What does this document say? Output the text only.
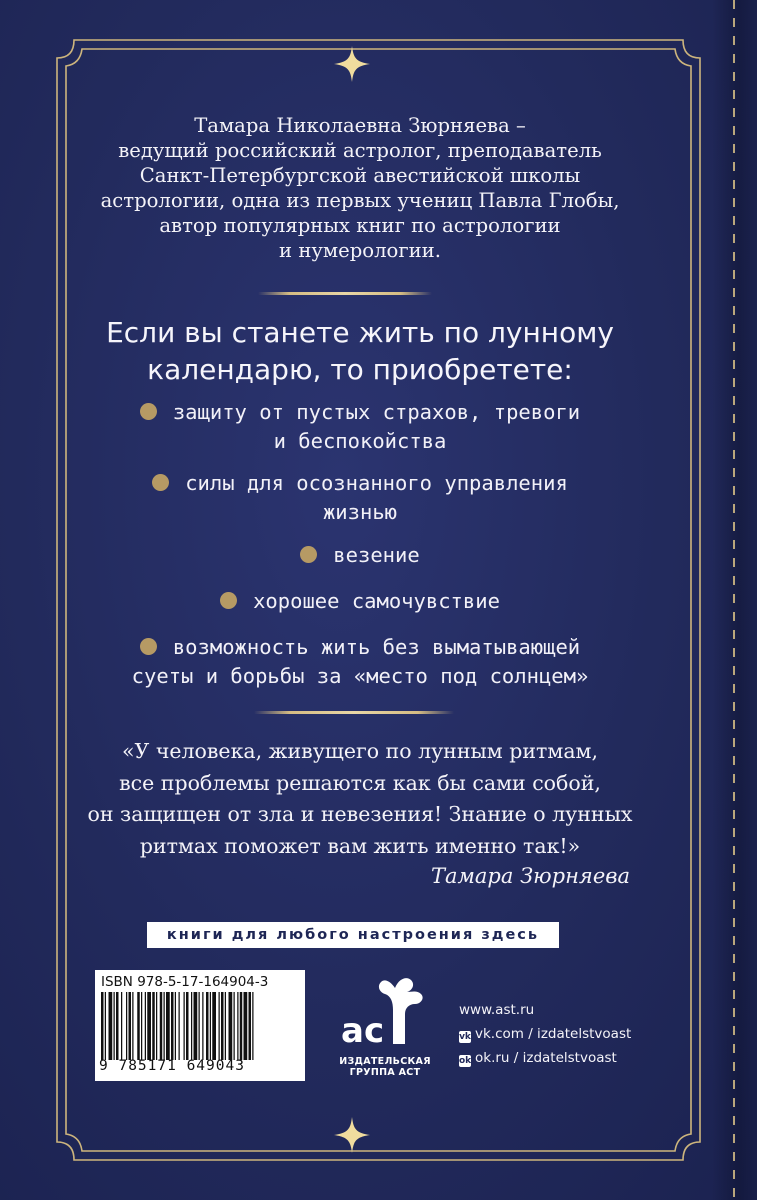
Тамара Николаевна Зюрняева –
ведущий российский астролог, преподаватель
Санкт-Петербургской авестийской школы
астрологии, одна из первых учениц Павла Глобы,
автор популярных книг по астрологии
и нумерологии.
Если вы станете жить по лунному
календарю, то приобретете:
защиту от пустых страхов, тревоги
и беспокойства
силы для осознанного управления
жизнью
везение
хорошее самочувствие
возможность жить без выматывающей
суеты и борьбы за «место под солнцем»
«У человека, живущего по лунным ритмам,
все проблемы решаются как бы сами собой,
он защищен от зла и невезения! Знание о лунных
ритмах поможет вам жить именно так!»
Тамара Зюрняева
книги для любого настроения здесь
ISBN 978-5-17-164904-3
9 785171 649043
ас
ИЗДАТЕЛЬСКАЯ ГРУППА АСТ
www.ast.ru
vk vk.com / izdatelstvoast
ok ok.ru / izdatelstvoast
